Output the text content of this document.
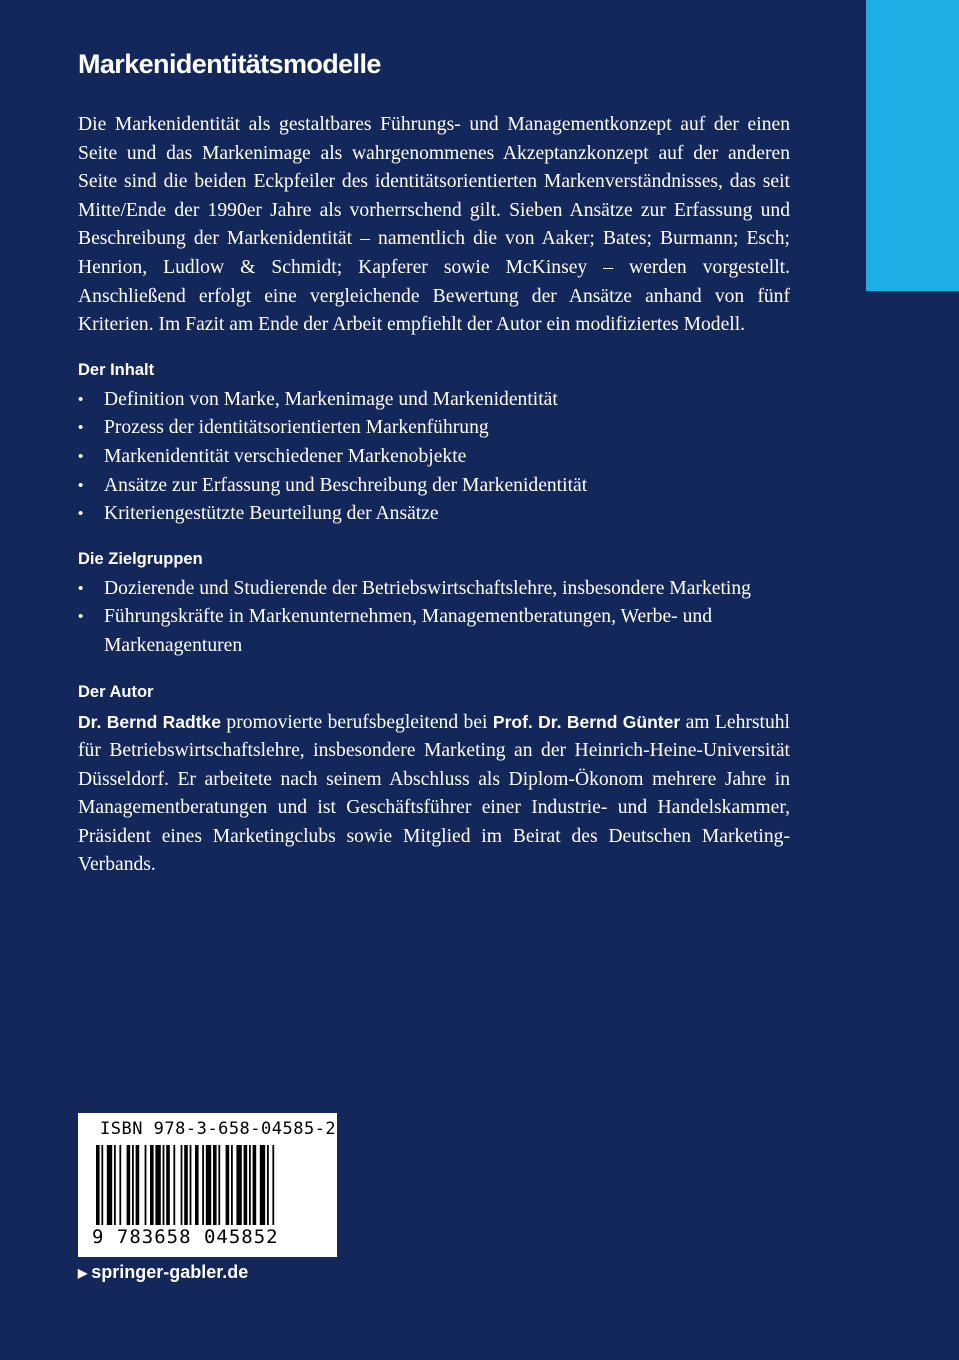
Markenidentitätsmodelle

Die Markenidentität als gestaltbares Führungs- und Managementkonzept auf der einen Seite und das Markenimage als wahrgenommenes Akzeptanzkonzept auf der anderen Seite sind die beiden Eckpfeiler des identitätsorientierten Markenverständnisses, das seit Mitte/Ende der 1990er Jahre als vorherrschend gilt. Sieben Ansätze zur Erfassung und Beschreibung der Markenidentität – namentlich die von Aaker; Bates; Burmann; Esch; Henrion, Ludlow & Schmidt; Kapferer sowie McKinsey – werden vorgestellt. Anschließend erfolgt eine vergleichende Bewertung der Ansätze anhand von fünf Kriterien. Im Fazit am Ende der Arbeit empfiehlt der Autor ein modifiziertes Modell.

Der Inhalt
• Definition von Marke, Markenimage und Markenidentität
• Prozess der identitätsorientierten Markenführung
• Markenidentität verschiedener Markenobjekte
• Ansätze zur Erfassung und Beschreibung der Markenidentität
• Kriteriengestützte Beurteilung der Ansätze
Die Zielgruppen
• Dozierende und Studierende der Betriebswirtschaftslehre, insbesondere Marketing
• Führungskräfte in Markenunternehmen, Managementberatungen, Werbe- und Markenagenturen
Der Autor

Dr. Bernd Radtke promovierte berufsbegleitend bei Prof. Dr. Bernd Günter am Lehrstuhl für Betriebswirtschaftslehre, insbesondere Marketing an der Heinrich-Heine-Universität Düsseldorf. Er arbeitete nach seinem Abschluss als Diplom-Ökonom mehrere Jahre in Managementberatungen und ist Geschäftsführer einer Industrie- und Handelskammer, Präsident eines Marketingclubs sowie Mitglied im Beirat des Deutschen Marketing-Verbands.

ISBN 978-3-658-04585-2
9 783658 045852
▶ springer-gabler.de
